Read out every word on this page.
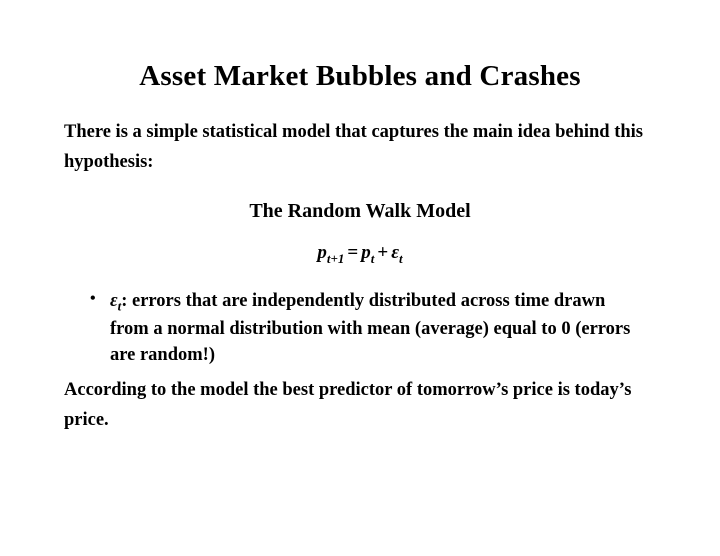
Asset Market Bubbles and Crashes
There is a simple statistical model that captures the main idea behind this hypothesis:
The Random Walk Model
$p_{t+1} = p_t + \varepsilon_t$
• $\varepsilon_t$: errors that are independently distributed across time drawn from a normal distribution with mean (average) equal to 0 (errors are random!)
According to the model the best predictor of tomorrow’s price is today’s price.
